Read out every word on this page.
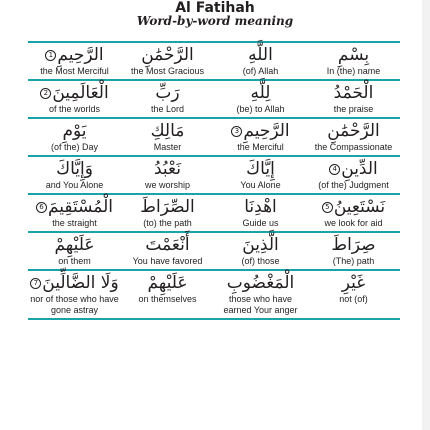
Al Fatihah
Word-by-word meaning
بِسْمِ
In (the) name
اللَّهِ
(of) Allah
الرَّحْمَٰنِ
the Most Gracious
الرَّحِيمِ
1
the Most Merciful
الْحَمْدُ
the praise
لِلَّهِ
(be) to Allah
رَبِّ
the Lord
الْعَالَمِينَ
2
of the worlds
الرَّحْمَٰنِ
the Compassionate
الرَّحِيمِ
3
the Merciful
مَالِكِ
Master
يَوْمِ
(of the) Day
الدِّينِ
4
(of the) Judgment
إِيَّاكَ
You Alone
نَعْبُدُ
we worship
وَإِيَّاكَ
and You Alone
نَسْتَعِينُ
5
we look for aid
اهْدِنَا
Guide us
الصِّرَاطَ
(to) the path
الْمُسْتَقِيمَ
6
the straight
صِرَاطَ
(The) path
الَّذِينَ
(of) those
أَنْعَمْتَ
You have favored
عَلَيْهِمْ
on them
غَيْرِ
not (of)
الْمَغْضُوبِ
those who have earned Your anger
عَلَيْهِمْ
on themselves
وَلَا الضَّالِّينَ
7
nor of those who have gone astray
